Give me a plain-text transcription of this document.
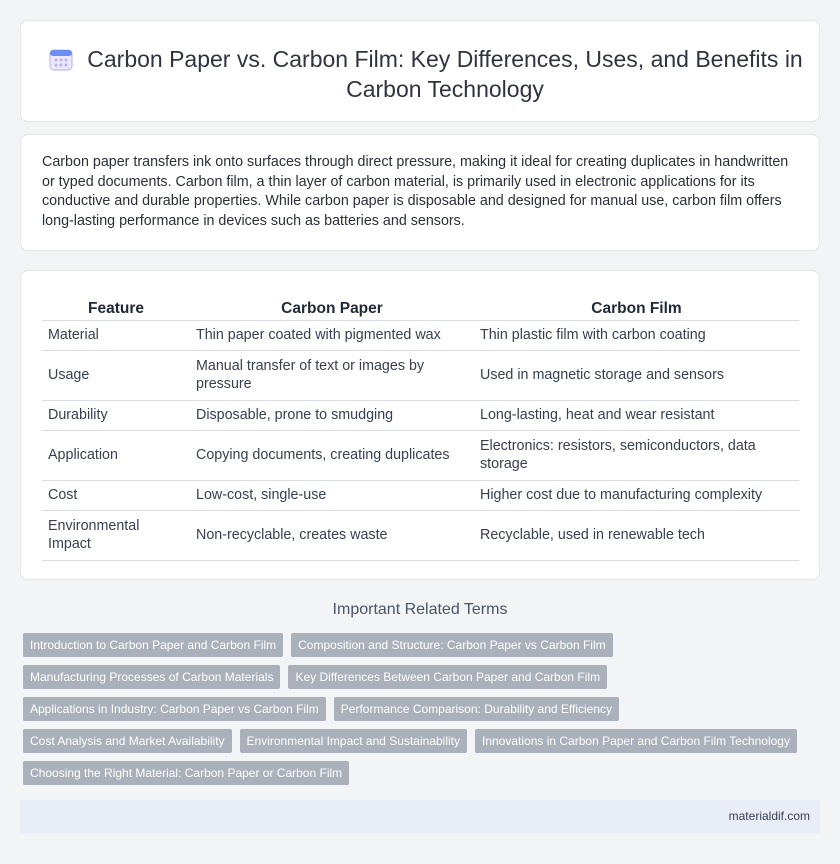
Carbon Paper vs. Carbon Film: Key Differences, Uses, and Benefits in Carbon Technology

Carbon paper transfers ink onto surfaces through direct pressure, making it ideal for creating duplicates in handwritten or typed documents. Carbon film, a thin layer of carbon material, is primarily used in electronic applications for its conductive and durable properties. While carbon paper is disposable and designed for manual use, carbon film offers long-lasting performance in devices such as batteries and sensors.

Feature	Carbon Paper	Carbon Film
Material	Thin paper coated with pigmented wax	Thin plastic film with carbon coating
Usage	Manual transfer of text or images by pressure	Used in magnetic storage and sensors
Durability	Disposable, prone to smudging	Long-lasting, heat and wear resistant
Application	Copying documents, creating duplicates	Electronics: resistors, semiconductors, data storage
Cost	Low-cost, single-use	Higher cost due to manufacturing complexity
Environmental Impact	Non-recyclable, creates waste	Recyclable, used in renewable tech
Important Related Terms
Introduction to Carbon Paper and Carbon Film	Composition and Structure: Carbon Paper vs Carbon Film
Manufacturing Processes of Carbon Materials	Key Differences Between Carbon Paper and Carbon Film
Applications in Industry: Carbon Paper vs Carbon Film	Performance Comparison: Durability and Efficiency
Cost Analysis and Market Availability	Environmental Impact and Sustainability	Innovations in Carbon Paper and Carbon Film Technology
Choosing the Right Material: Carbon Paper or Carbon Film
materialdif.com
